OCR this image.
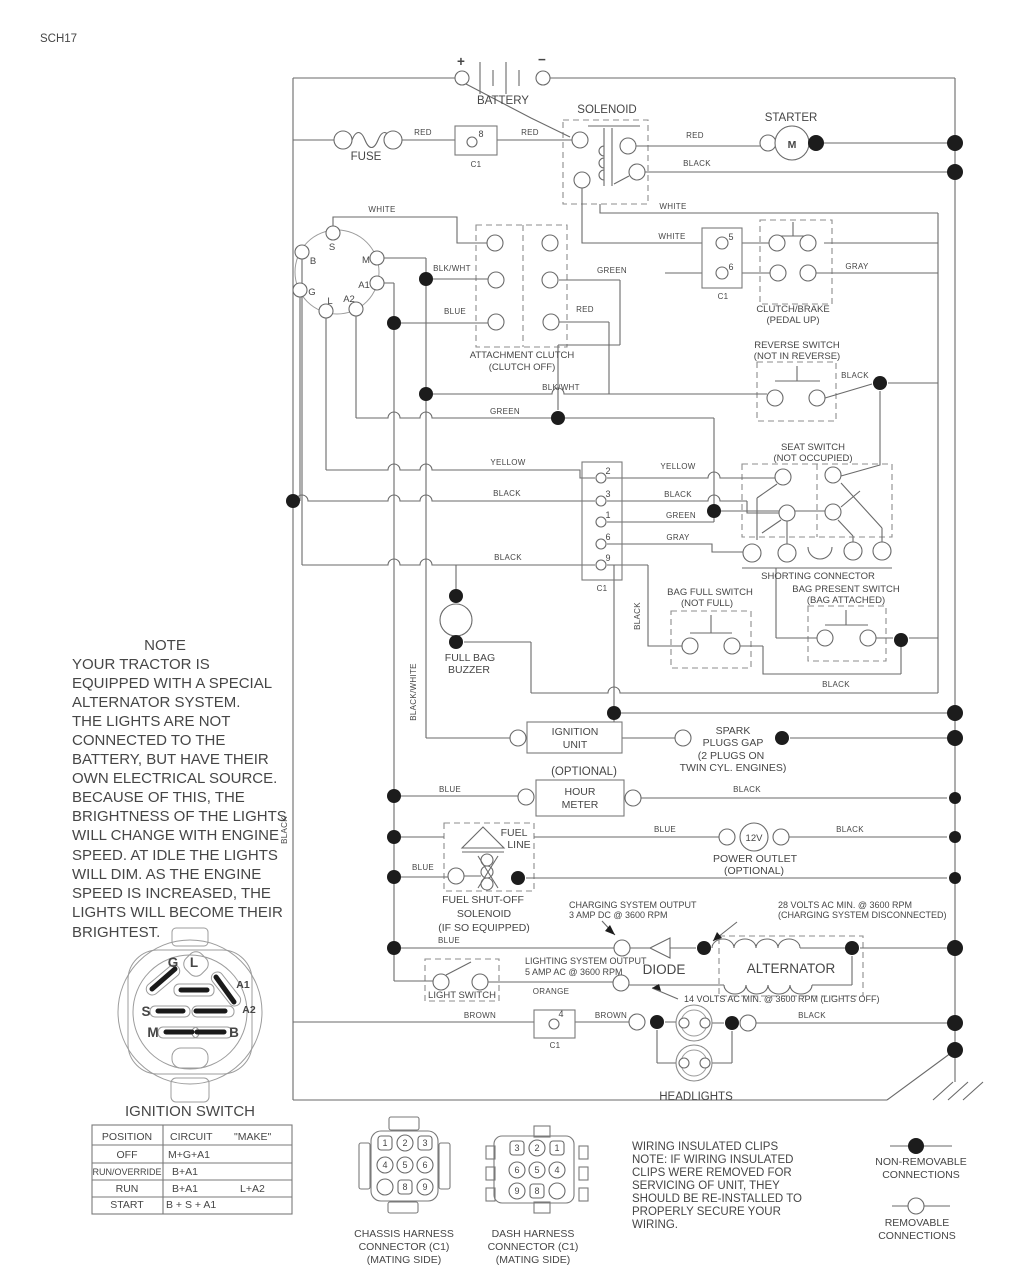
SCH17
+	−
BATTERY
FUSE
SOLENOID
STARTER
M
8
C1
5
6
C1
RED	RED	RED
BLACK
WHITE	WHITE
WHITE
BLK/WHT	GREEN
BLUE	RED
GRAY
BLACK
BLK/WHT
GREEN
YELLOW	YELLOW
BLACK	BLACK
GREEN
GRAY
BLACK
BLACK
BLACK
BLACK/WHITE
BLACK
BLUE	BLACK
BLUE	BLACK
BLUE
BLUE
ORANGE
BROWN	BROWN	BLACK
S
B	M
A1
G
L A2
ATTACHMENT CLUTCH
(CLUTCH OFF)
CLUTCH/BRAKE
(PEDAL UP)
REVERSE SWITCH
(NOT IN REVERSE)
SEAT SWITCH
(NOT OCCUPIED)
SHORTING CONNECTOR
BAG PRESENT SWITCH
(BAG ATTACHED)
BAG FULL SWITCH
(NOT FULL)
FULL BAG
BUZZER
2
3
1
6
9
C1
IGNITION
UNIT
SPARK
PLUGS GAP
(2 PLUGS ON
TWIN CYL. ENGINES)
(OPTIONAL)
HOUR
METER
12V
POWER OUTLET
(OPTIONAL)
FUEL
LINE
FUEL SHUT-OFF
SOLENOID
(IF SO EQUIPPED)
CHARGING SYSTEM OUTPUT
3 AMP DC @ 3600 RPM
28 VOLTS AC MIN. @ 3600 RPM
(CHARGING SYSTEM DISCONNECTED)
DIODE	ALTERNATOR
LIGHTING SYSTEM OUTPUT
5 AMP AC @ 3600 RPM
14 VOLTS AC MIN. @ 3600 RPM (LIGHTS OFF)
LIGHT SWITCH
4
C1
HEADLIGHTS
NOTE
YOUR TRACTOR IS
EQUIPPED WITH A SPECIAL
ALTERNATOR SYSTEM.
THE LIGHTS ARE NOT
CONNECTED TO THE
BATTERY, BUT HAVE THEIR
OWN ELECTRICAL SOURCE.
BECAUSE OF THIS, THE
BRIGHTNESS OF THE LIGHTS
WILL CHANGE WITH ENGINE
SPEED. AT IDLE THE LIGHTS
WILL DIM. AS THE ENGINE
SPEED IS INCREASED, THE
LIGHTS WILL BECOME THEIR
BRIGHTEST.
G L
A1
A2
S
M	B
IGNITION SWITCH
POSITION CIRCUIT "MAKE"
OFF	M+G+A1
RUN/OVERRIDE B+A1
RUN	B+A1	L+A2
START B + S + A1
1 2 3
4 5 6
8 9
CHASSIS HARNESS
CONNECTOR (C1)
(MATING SIDE)
3 2 1
6 5 4
9 8
DASH HARNESS
CONNECTOR (C1)
(MATING SIDE)
WIRING INSULATED CLIPS
NOTE: IF WIRING INSULATED
CLIPS WERE REMOVED FOR
SERVICING OF UNIT, THEY
SHOULD BE RE-INSTALLED TO
PROPERLY SECURE YOUR
WIRING.
NON-REMOVABLE
CONNECTIONS
REMOVABLE
CONNECTIONS
